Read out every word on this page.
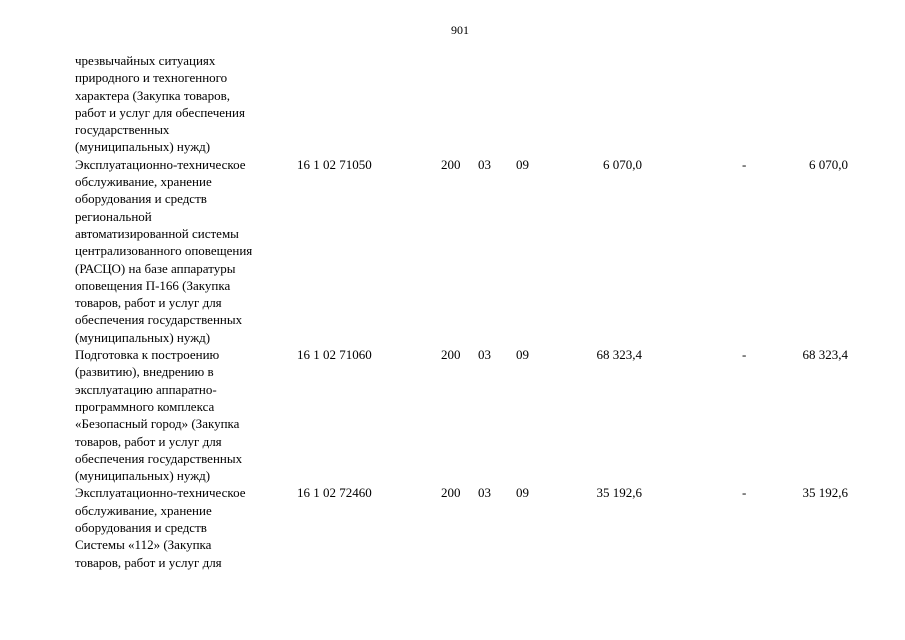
901
чрезвычайных ситуациях
природного и техногенного
характера (Закупка товаров,
работ и услуг для обеспечения
государственных
(муниципальных) нужд)
Эксплуатационно-техническое
обслуживание, хранение
оборудования и средств
региональной
автоматизированной системы
централизованного оповещения
(РАСЦО) на базе аппаратуры
оповещения П-166 (Закупка
товаров, работ и услуг для
обеспечения государственных
(муниципальных) нужд)
16 1 02 71050	200 03 09	6 070,0	-	6 070,0
Подготовка к построению
(развитию), внедрению в
эксплуатацию аппаратно-
программного комплекса
«Безопасный город» (Закупка
товаров, работ и услуг для
обеспечения государственных
(муниципальных) нужд)
16 1 02 71060	200 03 09	68 323,4	-	68 323,4
Эксплуатационно-техническое
обслуживание, хранение
оборудования и средств
Системы «112» (Закупка
товаров, работ и услуг для
16 1 02 72460	200 03 09	35 192,6	-	35 192,6
